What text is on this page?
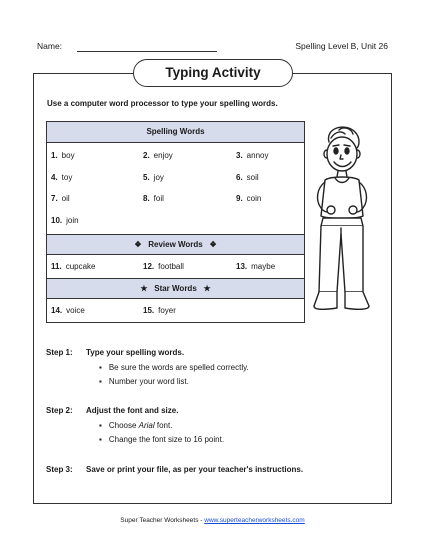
Name:	Spelling Level B, Unit 26
Typing Activity
Use a computer word processor to type your spelling words.
Spelling Words
1. boy	2. enjoy	3. annoy
4. toy	5. joy	6. soil
7. oil	8. foil	9. coin
10. join
❖ Review Words ❖
11. cupcake	12. football	13. maybe
★ Star Words ★
14. voice	15. foyer
Step 1: Type your spelling words.
▪ Be sure the words are spelled correctly.
▪ Number your word list.
Step 2: Adjust the font and size.
▪ Choose Arial font.
▪ Change the font size to 16 point.
Step 3: Save or print your file, as per your teacher's instructions.
Super Teacher Worksheets - www.superteacherworksheets.com
